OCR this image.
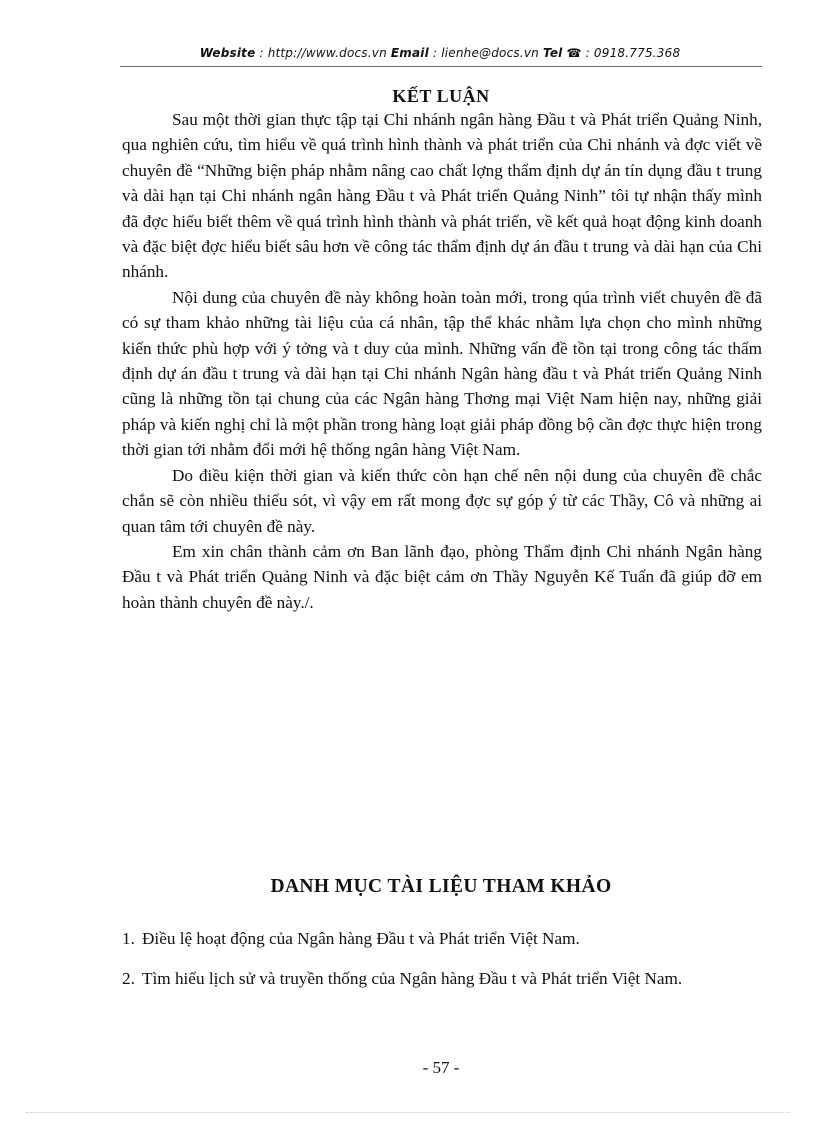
Website : http://www.docs.vn Email : lienhe@docs.vn Tel ☎ : 0918.775.368
KẾT LUẬN

Sau một thời gian thực tập tại Chi nhánh ngân hàng Đầu t và Phát triển Quảng Ninh, qua nghiên cứu, tìm hiểu về quá trình hình thành và phát triển của Chi nhánh và đợc viết về chuyên đề “Những biện pháp nhằm nâng cao chất lợng thẩm định dự án tín dụng đầu t trung và dài hạn tại Chi nhánh ngân hàng Đầu t và Phát triển Quảng Ninh” tôi tự nhận thấy mình đã đợc hiểu biết thêm về quá trình hình thành và phát triển, về kết quả hoạt động kinh doanh và đặc biệt đợc hiểu biết sâu hơn về công tác thẩm định dự án đầu t trung và dài hạn của Chi nhánh.

Nội dung của chuyên đề này không hoàn toàn mới, trong qúa trình viết chuyên đề đã có sự tham khảo những tài liệu của cá nhân, tập thể khác nhằm lựa chọn cho mình những kiến thức phù hợp với ý tởng và t duy của mình. Những vấn đề tồn tại trong công tác thẩm định dự án đầu t trung và dài hạn tại Chi nhánh Ngân hàng đầu t và Phát triển Quảng Ninh cũng là những tồn tại chung của các Ngân hàng Thơng mại Việt Nam hiện nay, những giải pháp và kiến nghị chỉ là một phần trong hàng loạt giải pháp đồng bộ cần đợc thực hiện trong thời gian tới nhằm đổi mới hệ thống ngân hàng Việt Nam.

Do điều kiện thời gian và kiến thức còn hạn chế nên nội dung của chuyên đề chắc chắn sẽ còn nhiều thiếu sót, vì vậy em rất mong đợc sự góp ý từ các Thầy, Cô và những ai quan tâm tới chuyên đề này.

Em xin chân thành cảm ơn Ban lãnh đạo, phòng Thẩm định Chi nhánh Ngân hàng Đầu t và Phát triển Quảng Ninh và đặc biệt cảm ơn Thầy Nguyễn Kế Tuấn đã giúp đỡ em hoàn thành chuyên đề này./.

DANH MỤC TÀI LIỆU THAM KHẢO
1. Điều lệ hoạt động của Ngân hàng Đầu t và Phát triển Việt Nam.
2. Tìm hiểu lịch sử và truyền thống của Ngân hàng Đầu t và Phát triển Việt Nam.
- 57 -
